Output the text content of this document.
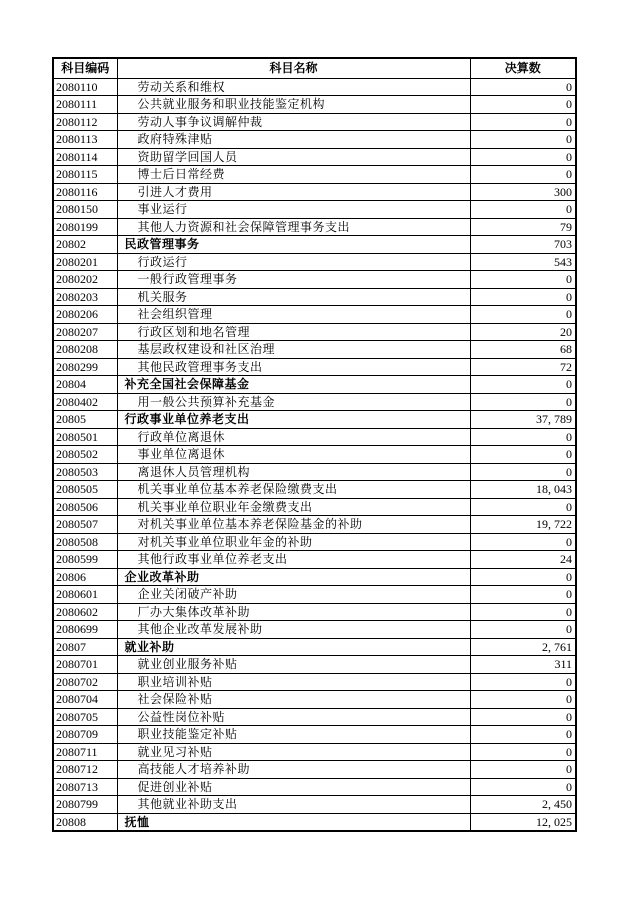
科目编码	科目名称	决算数
2080110	劳动关系和维权	0
2080111	公共就业服务和职业技能鉴定机构	0
2080112	劳动人事争议调解仲裁	0
2080113	政府特殊津贴	0
2080114	资助留学回国人员	0
2080115	博士后日常经费	0
2080116	引进人才费用	300
2080150	事业运行	0
2080199	其他人力资源和社会保障管理事务支出	79
20802	民政管理事务	703
2080201	行政运行	543
2080202	一般行政管理事务	0
2080203	机关服务	0
2080206	社会组织管理	0
2080207	行政区划和地名管理	20
2080208	基层政权建设和社区治理	68
2080299	其他民政管理事务支出	72
20804	补充全国社会保障基金	0
2080402	用一般公共预算补充基金	0
20805	行政事业单位养老支出	37, 789
2080501	行政单位离退休	0
2080502	事业单位离退休	0
2080503	离退休人员管理机构	0
2080505	机关事业单位基本养老保险缴费支出	18, 043
2080506	机关事业单位职业年金缴费支出	0
2080507	对机关事业单位基本养老保险基金的补助	19, 722
2080508	对机关事业单位职业年金的补助	0
2080599	其他行政事业单位养老支出	24
20806	企业改革补助	0
2080601	企业关闭破产补助	0
2080602	厂办大集体改革补助	0
2080699	其他企业改革发展补助	0
20807	就业补助	2, 761
2080701	就业创业服务补贴	311
2080702	职业培训补贴	0
2080704	社会保险补贴	0
2080705	公益性岗位补贴	0
2080709	职业技能鉴定补贴	0
2080711	就业见习补贴	0
2080712	高技能人才培养补助	0
2080713	促进创业补贴	0
2080799	其他就业补助支出	2, 450
20808	抚恤	12, 025
